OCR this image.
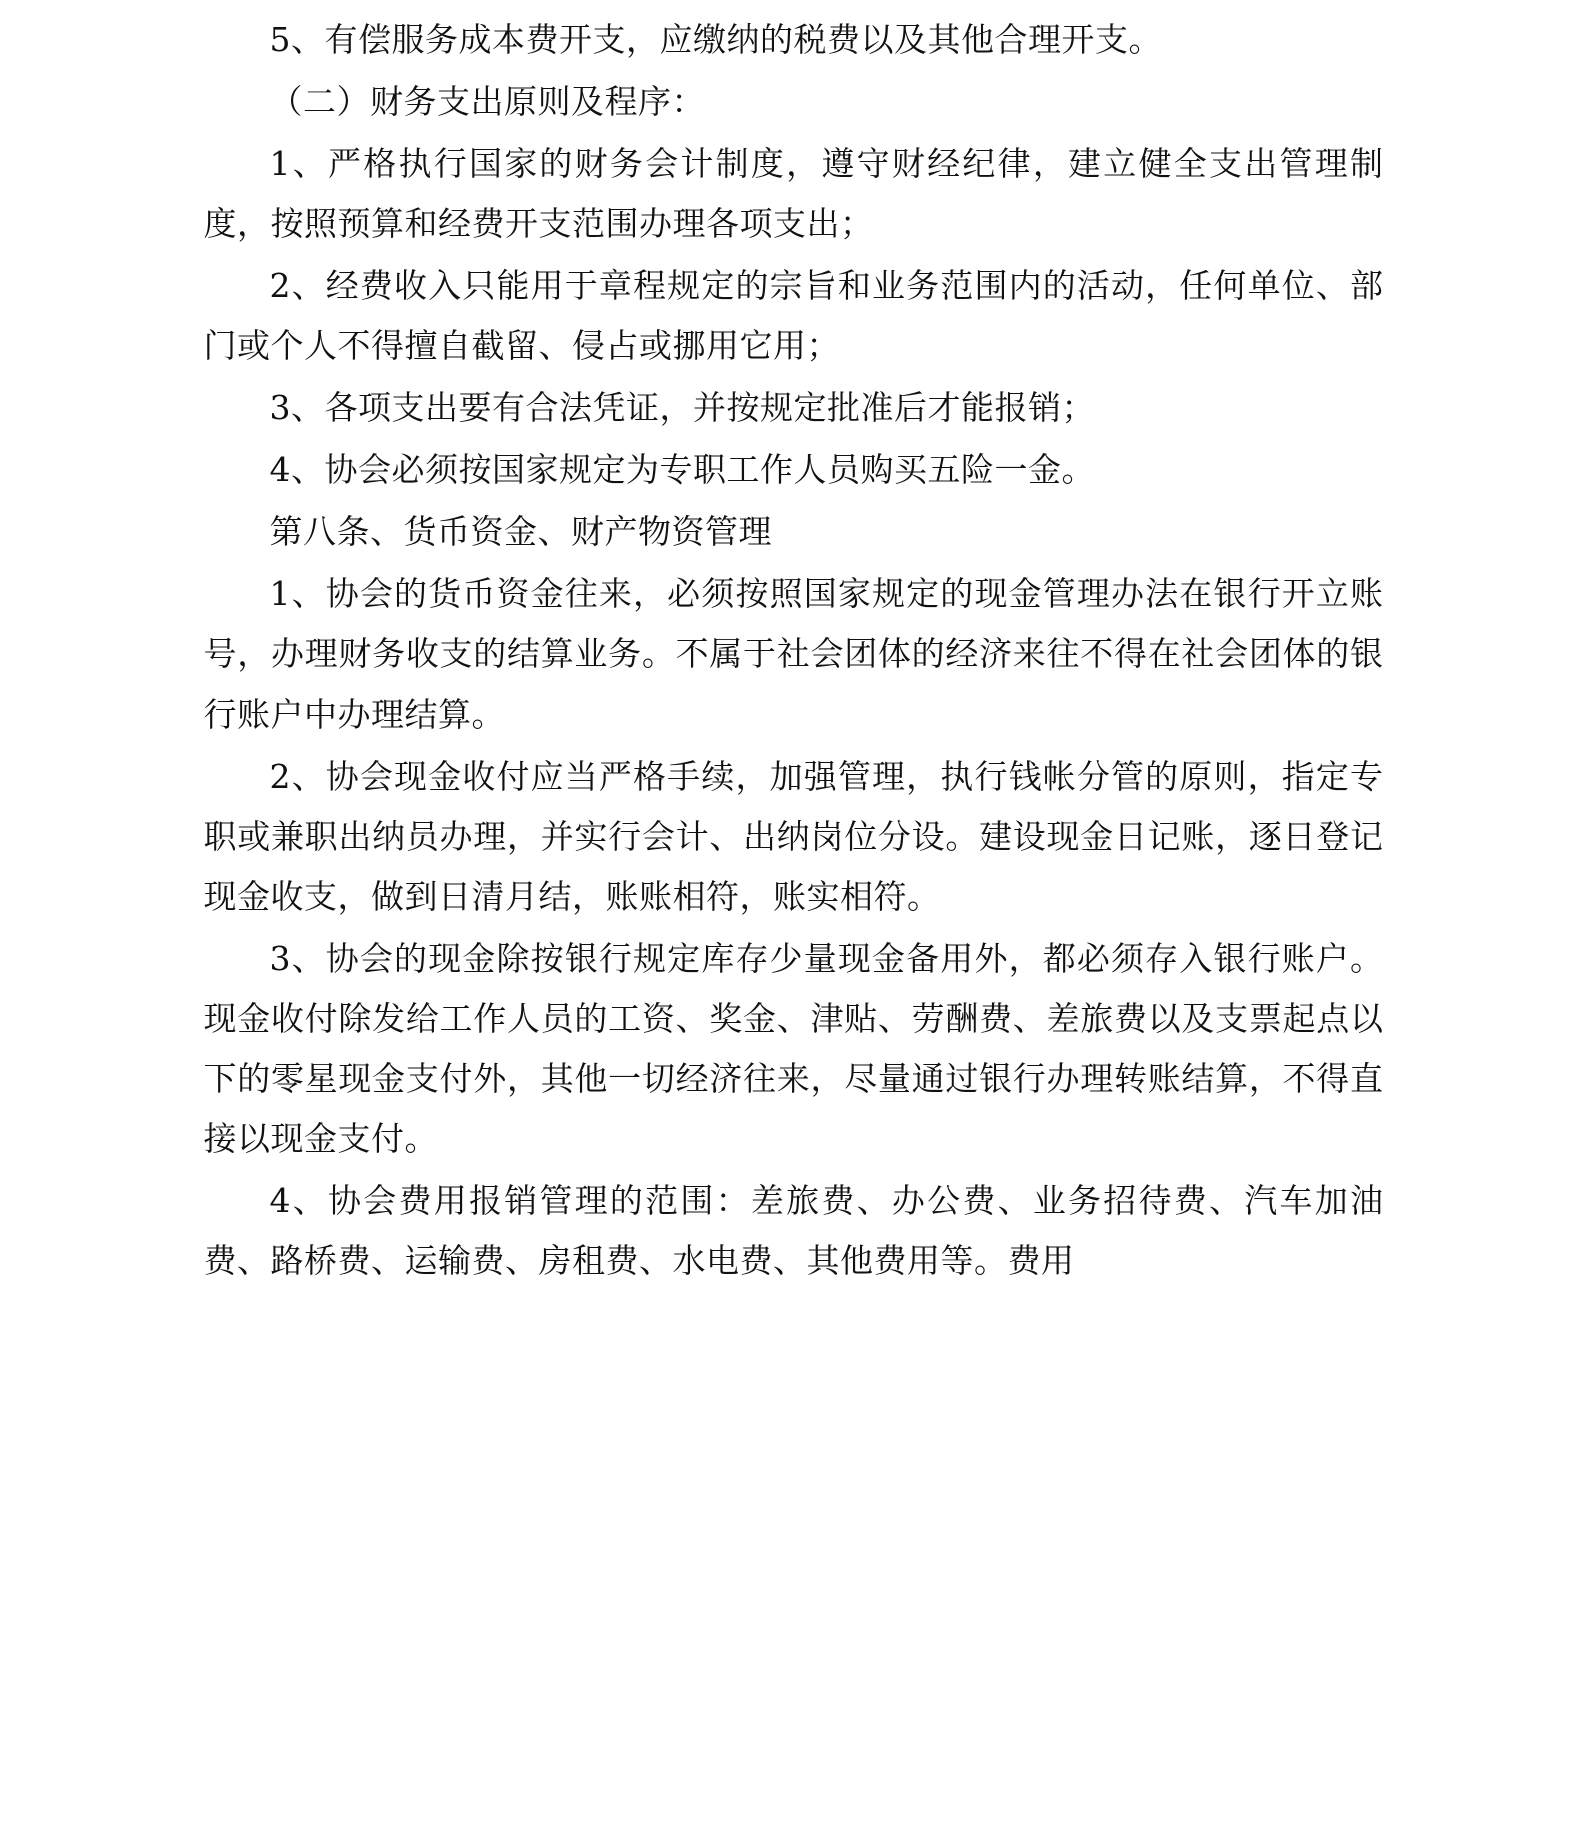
5、有偿服务成本费开支，应缴纳的税费以及其他合理开支。

（二）财务支出原则及程序：

1、严格执行国家的财务会计制度，遵守财经纪律，建立健全支出管理制度，按照预算和经费开支范围办理各项支出；

2、经费收入只能用于章程规定的宗旨和业务范围内的活动，任何单位、部门或个人不得擅自截留、侵占或挪用它用；

3、各项支出要有合法凭证，并按规定批准后才能报销；

4、协会必须按国家规定为专职工作人员购买五险一金。

第八条、货币资金、财产物资管理

1、协会的货币资金往来，必须按照国家规定的现金管理办法在银行开立账号，办理财务收支的结算业务。不属于社会团体的经济来往不得在社会团体的银行账户中办理结算。

2、协会现金收付应当严格手续，加强管理，执行钱帐分管的原则，指定专职或兼职出纳员办理，并实行会计、出纳岗位分设。建设现金日记账，逐日登记现金收支，做到日清月结，账账相符，账实相符。

3、协会的现金除按银行规定库存少量现金备用外，都必须存入银行账户。现金收付除发给工作人员的工资、奖金、津贴、劳酬费、差旅费以及支票起点以下的零星现金支付外，其他一切经济往来，尽量通过银行办理转账结算，不得直接以现金支付。

4、协会费用报销管理的范围：差旅费、办公费、业务招待费、汽车加油费、路桥费、运输费、房租费、水电费、其他费用等。费用
